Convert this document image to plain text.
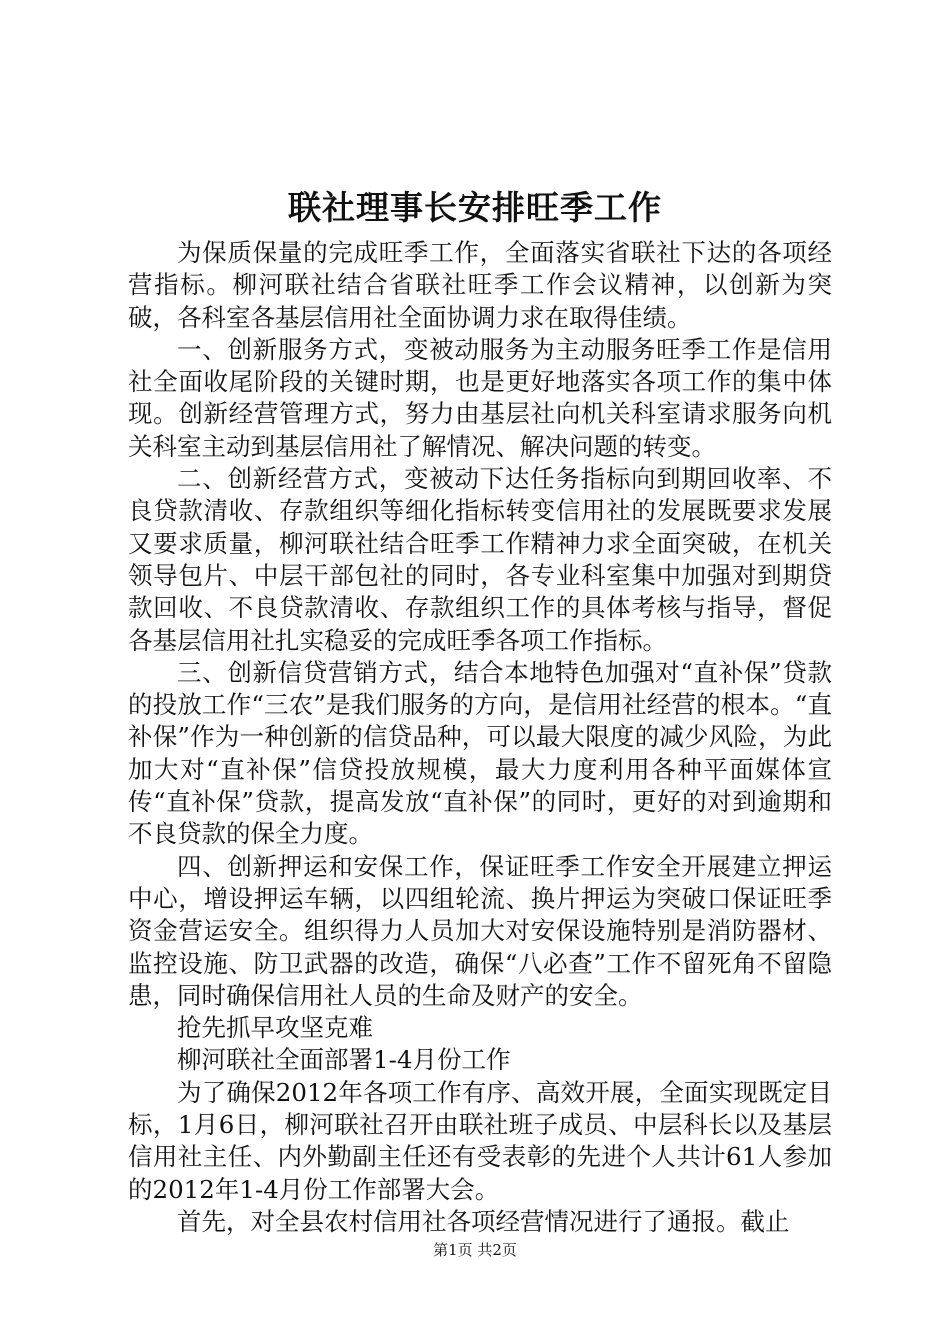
联社理事长安排旺季工作

为保质保量的完成旺季工作，全面落实省联社下达的各项经营指标。柳河联社结合省联社旺季工作会议精神，以创新为突破，各科室各基层信用社全面协调力求在取得佳绩。

一、创新服务方式，变被动服务为主动服务旺季工作是信用社全面收尾阶段的关键时期，也是更好地落实各项工作的集中体现。创新经营管理方式，努力由基层社向机关科室请求服务向机关科室主动到基层信用社了解情况、解决问题的转变。

二、创新经营方式，变被动下达任务指标向到期回收率、不良贷款清收、存款组织等细化指标转变信用社的发展既要求发展又要求质量，柳河联社结合旺季工作精神力求全面突破，在机关领导包片、中层干部包社的同时，各专业科室集中加强对到期贷款回收、不良贷款清收、存款组织工作的具体考核与指导，督促各基层信用社扎实稳妥的完成旺季各项工作指标。

三、创新信贷营销方式，结合本地特色加强对“直补保”贷款的投放工作“三农”是我们服务的方向，是信用社经营的根本。“直补保”作为一种创新的信贷品种，可以最大限度的减少风险，为此加大对“直补保”信贷投放规模，最大力度利用各种平面媒体宣传“直补保”贷款，提高发放“直补保”的同时，更好的对到逾期和不良贷款的保全力度。

四、创新押运和安保工作，保证旺季工作安全开展建立押运中心，增设押运车辆，以四组轮流、换片押运为突破口保证旺季资金营运安全。组织得力人员加大对安保设施特别是消防器材、监控设施、防卫武器的改造，确保“八必查”工作不留死角不留隐患，同时确保信用社人员的生命及财产的安全。

抢先抓早攻坚克难

柳河联社全面部署1-4月份工作

为了确保2012年各项工作有序、高效开展，全面实现既定目标，1月6日，柳河联社召开由联社班子成员、中层科长以及基层信用社主任、内外勤副主任还有受表彰的先进个人共计61人参加的2012年1-4月份工作部署大会。

首先，对全县农村信用社各项经营情况进行了通报。截止

第1页 共2页
